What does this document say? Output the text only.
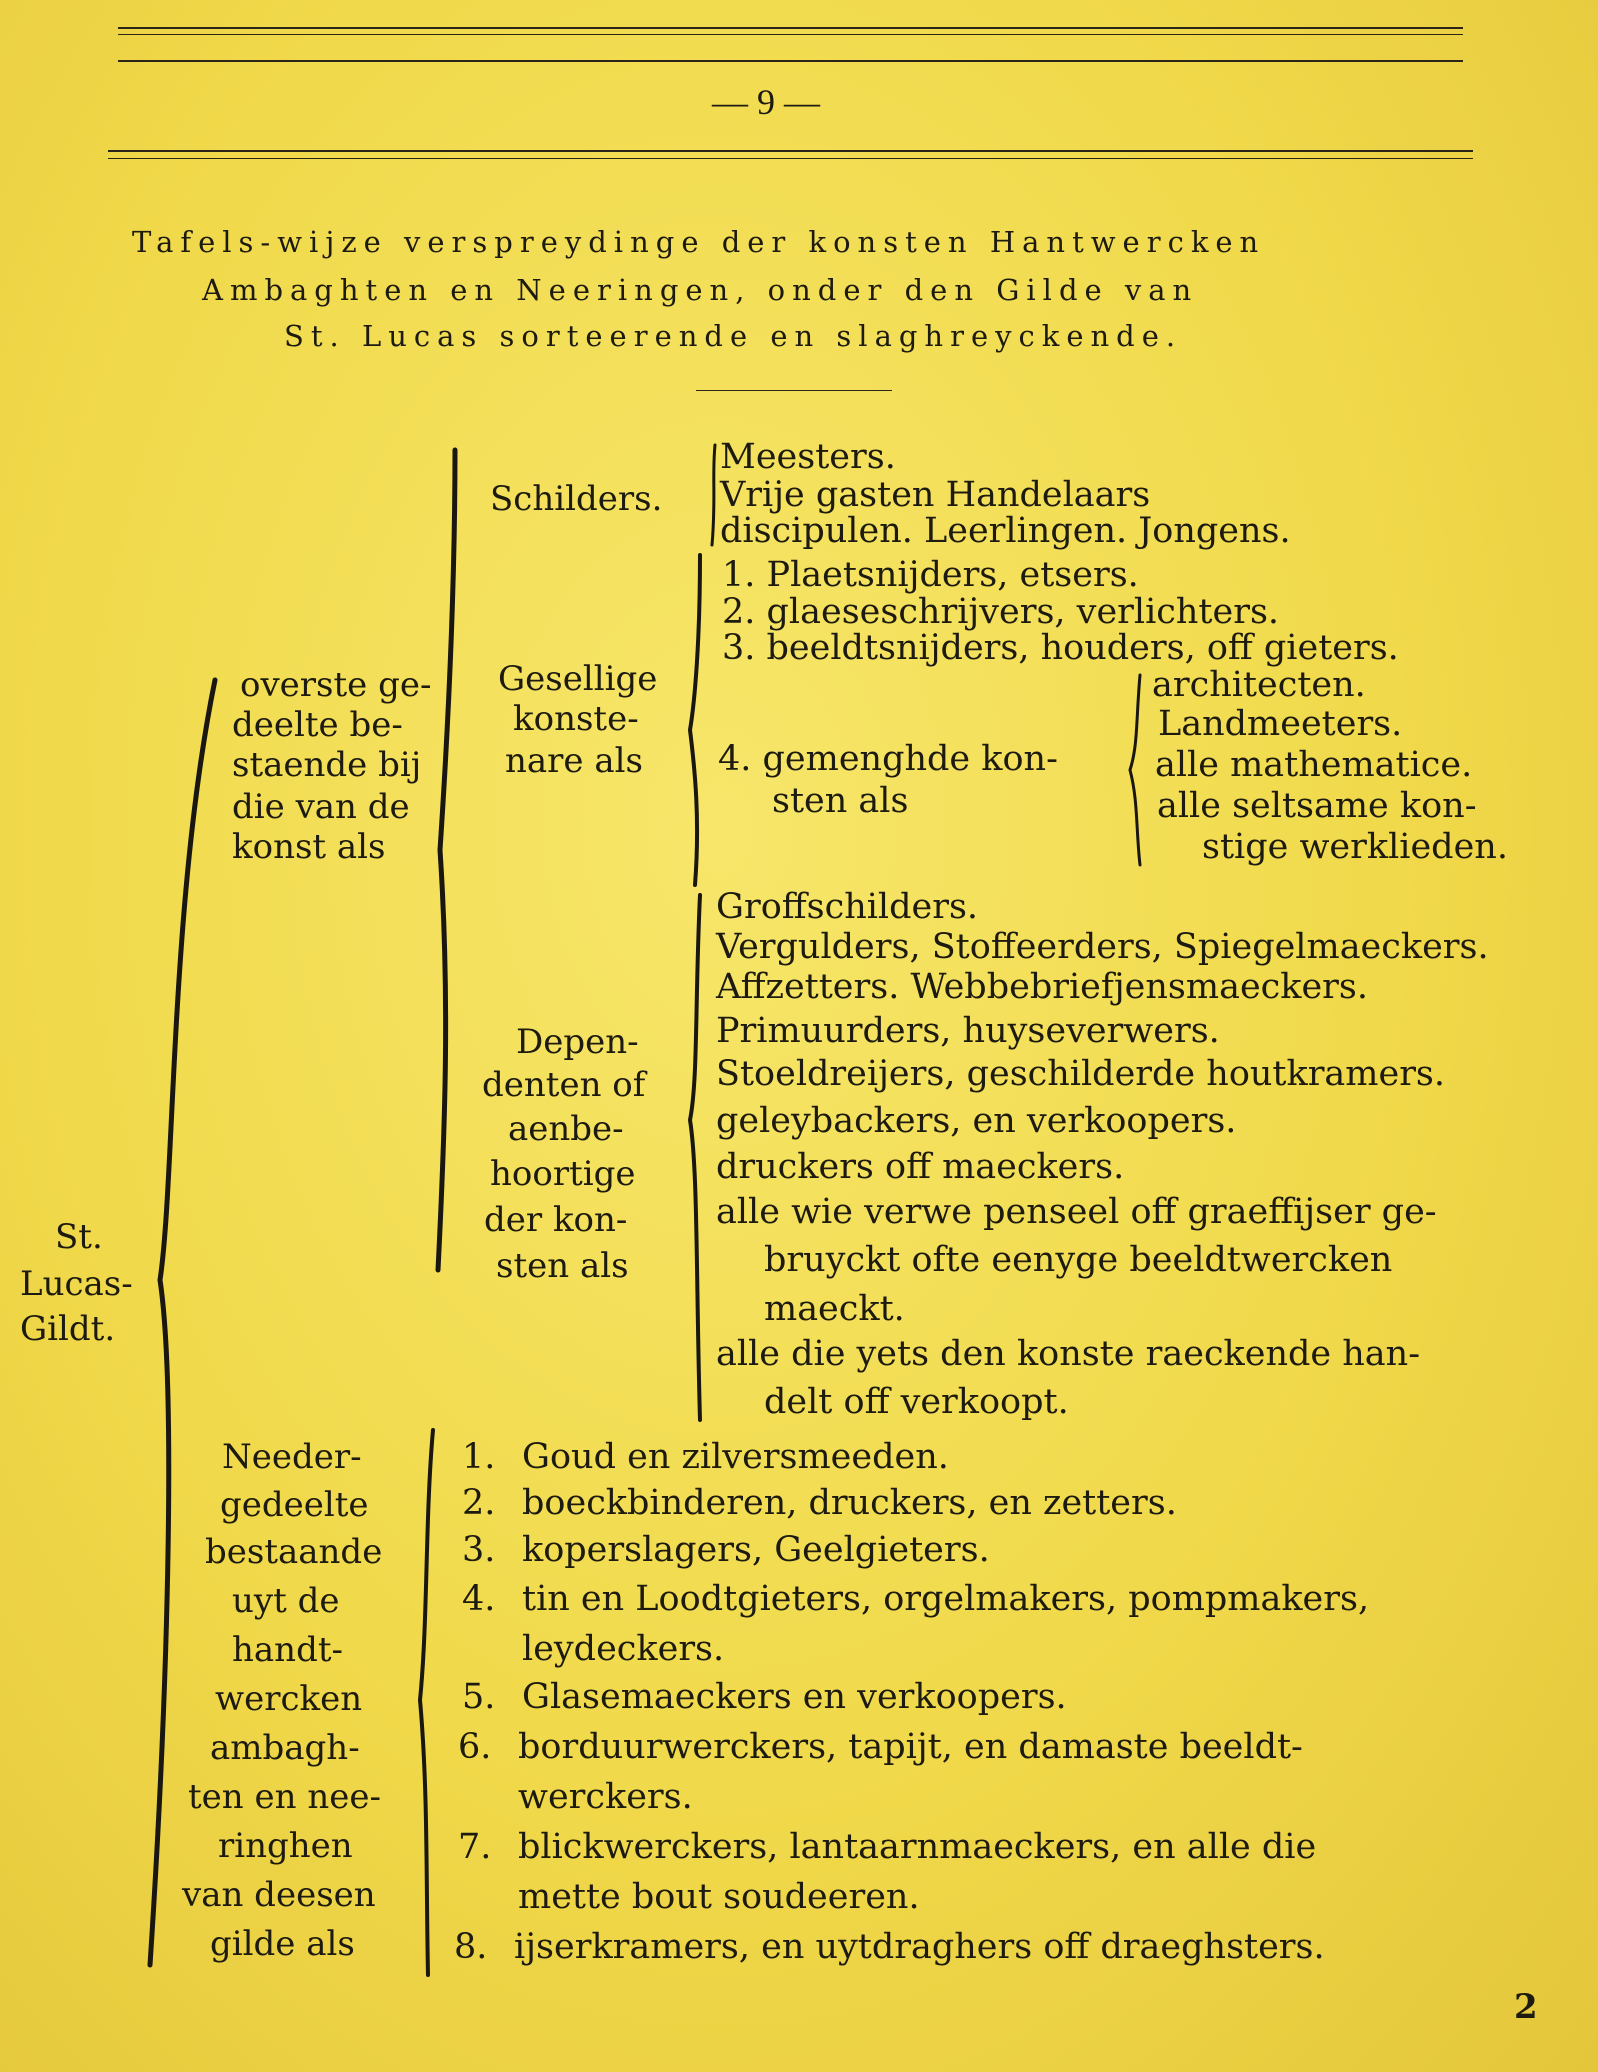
— 9 —
Tafels-wijze verspreydinge der konsten Hantwercken
Ambaghten en Neeringen, onder den Gilde van
St. Lucas sorteerende en slaghreyckende.
St.
Lucas-
Gildt.
overste ge-
deelte be-
staende bij
die van de
konst als
Schilders.
Meesters.
Vrije gasten Handelaars
discipulen. Leerlingen. Jongens.
Gesellige
konste-
nare als
1. Plaetsnijders, etsers.
2. glaeseschrijvers, verlichters.
3. beeldtsnijders, houders, off gieters.
4. gemenghde kon-
sten als
architecten.
Landmeeters.
alle mathematice.
alle seltsame kon-
stige werklieden.
Depen-
denten of
aenbe-
hoortige
der kon-
sten als
Groffschilders.
Vergulders, Stoffeerders, Spiegelmaeckers.
Affzetters. Webbebriefjensmaeckers.
Primuurders, huyseverwers.
Stoeldreijers, geschilderde houtkramers.
geleybackers, en verkoopers.
druckers off maeckers.
alle wie verwe penseel off graeffijser ge-
bruyckt ofte eenyge beeldtwercken
maeckt.
alle die yets den konste raeckende han-
delt off verkoopt.
Needer-
gedeelte
bestaande
uyt de
handt-
wercken
ambagh-
ten en nee-
ringhen
van deesen
gilde als
1. Goud en zilversmeeden.
2. boeckbinderen, druckers, en zetters.
3. koperslagers, Geelgieters.
4. tin en Loodtgieters, orgelmakers, pompmakers,
leydeckers.
5. Glasemaeckers en verkoopers.
6. borduurwerckers, tapijt, en damaste beeldt-
werckers.
7. blickwerckers, lantaarnmaeckers, en alle die
mette bout soudeeren.
8. ijserkramers, en uytdraghers off draeghsters.
2
